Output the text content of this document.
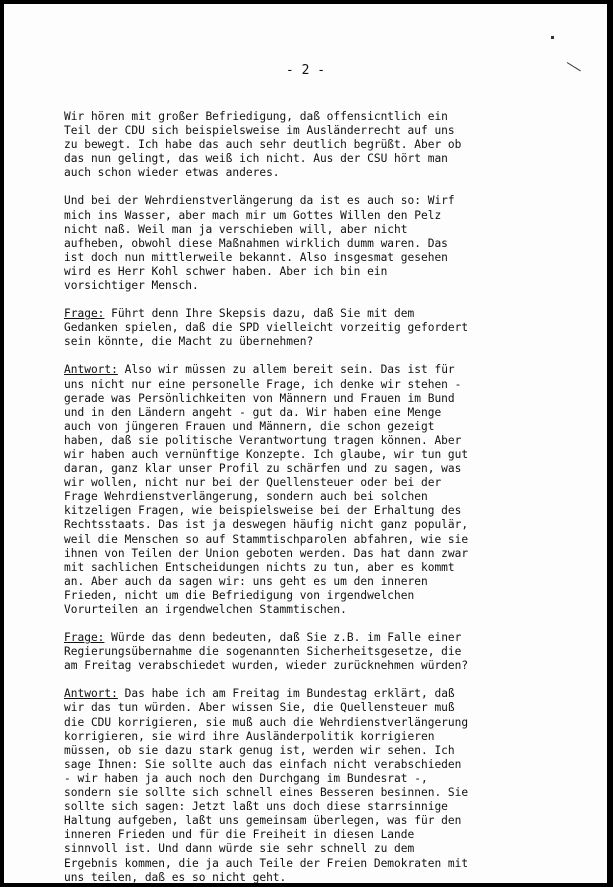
- 2 -
Wir hören mit großer Befriedigung, daß offensicntlich ein
Teil der CDU sich beispielsweise im Ausländerrecht auf uns
zu bewegt. Ich habe das auch sehr deutlich begrüßt. Aber ob
das nun gelingt, das weiß ich nicht. Aus der CSU hört man
auch schon wieder etwas anderes.
Und bei der Wehrdienstverlängerung da ist es auch so: Wirf
mich ins Wasser, aber mach mir um Gottes Willen den Pelz
nicht naß. Weil man ja verschieben will, aber nicht
aufheben, obwohl diese Maßnahmen wirklich dumm waren. Das
ist doch nun mittlerweile bekannt. Also insgesmat gesehen
wird es Herr Kohl schwer haben. Aber ich bin ein
vorsichtiger Mensch.
Frage: Führt denn Ihre Skepsis dazu, daß Sie mit dem
Gedanken spielen, daß die SPD vielleicht vorzeitig gefordert
sein könnte, die Macht zu übernehmen?
Antwort: Also wir müssen zu allem bereit sein. Das ist für
uns nicht nur eine personelle Frage, ich denke wir stehen -
gerade was Persönlichkeiten von Männern und Frauen im Bund
und in den Ländern angeht - gut da. Wir haben eine Menge
auch von jüngeren Frauen und Männern, die schon gezeigt
haben, daß sie politische Verantwortung tragen können. Aber
wir haben auch vernünftige Konzepte. Ich glaube, wir tun gut
daran, ganz klar unser Profil zu schärfen und zu sagen, was
wir wollen, nicht nur bei der Quellensteuer oder bei der
Frage Wehrdienstverlängerung, sondern auch bei solchen
kitzeligen Fragen, wie beispielsweise bei der Erhaltung des
Rechtsstaats. Das ist ja deswegen häufig nicht ganz populär,
weil die Menschen so auf Stammtischparolen abfahren, wie sie
ihnen von Teilen der Union geboten werden. Das hat dann zwar
mit sachlichen Entscheidungen nichts zu tun, aber es kommt
an. Aber auch da sagen wir: uns geht es um den inneren
Frieden, nicht um die Befriedigung von irgendwelchen
Vorurteilen an irgendwelchen Stammtischen.
Frage: Würde das denn bedeuten, daß Sie z.B. im Falle einer
Regierungsübernahme die sogenannten Sicherheitsgesetze, die
am Freitag verabschiedet wurden, wieder zurücknehmen würden?
Antwort: Das habe ich am Freitag im Bundestag erklärt, daß
wir das tun würden. Aber wissen Sie, die Quellensteuer muß
die CDU korrigieren, sie muß auch die Wehrdienstverlängerung
korrigieren, sie wird ihre Ausländerpolitik korrigieren
müssen, ob sie dazu stark genug ist, werden wir sehen. Ich
sage Ihnen: Sie sollte auch das einfach nicht verabschieden
- wir haben ja auch noch den Durchgang im Bundesrat -,
sondern sie sollte sich schnell eines Besseren besinnen. Sie
sollte sich sagen: Jetzt laßt uns doch diese starrsinnige
Haltung aufgeben, laßt uns gemeinsam überlegen, was für den
inneren Frieden und für die Freiheit in diesen Lande
sinnvoll ist. Und dann würde sie sehr schnell zu dem
Ergebnis kommen, die ja auch Teile der Freien Demokraten mit
uns teilen, daß es so nicht geht.
